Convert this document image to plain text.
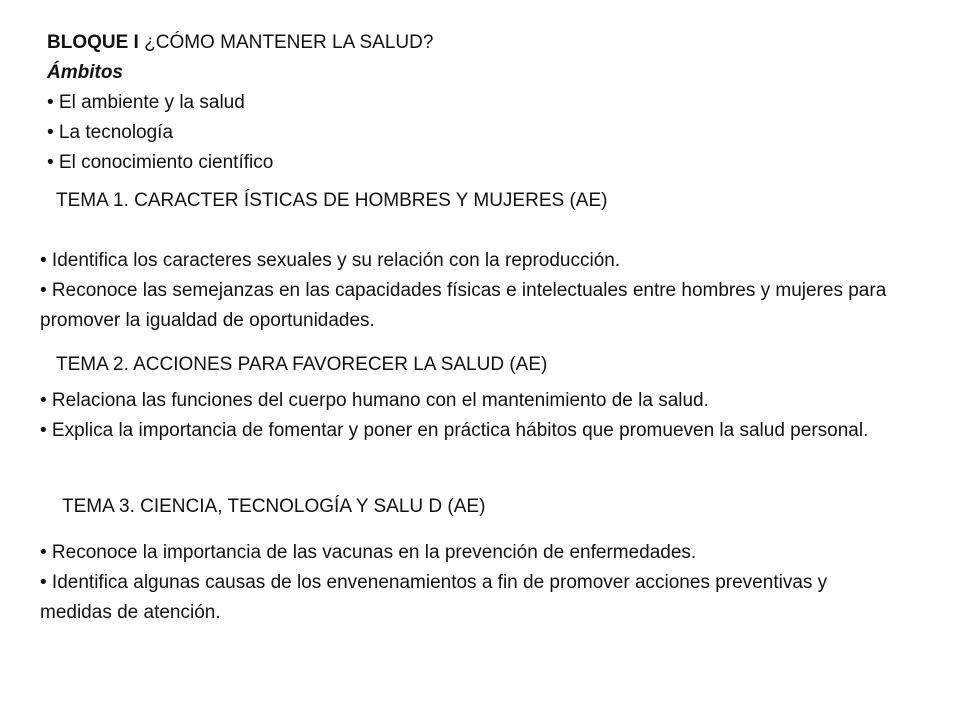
BLOQUE I ¿CÓMO MANTENER LA SALUD?
Ámbitos
• El ambiente y la salud
• La tecnología
• El conocimiento científico
TEMA 1. CARACTER ÍSTICAS DE HOMBRES Y MUJERES (AE)
• Identifica los caracteres sexuales y su relación con la reproducción.
• Reconoce las semejanzas en las capacidades físicas e intelectuales entre hombres y mujeres para promover la igualdad de oportunidades.
TEMA 2. ACCIONES PARA FAVORECER LA SALUD (AE)
• Relaciona las funciones del cuerpo humano con el mantenimiento de la salud.
• Explica la importancia de fomentar y poner en práctica hábitos que promueven la salud personal.
TEMA 3. CIENCIA, TECNOLOGÍA Y SALU D (AE)
• Reconoce la importancia de las vacunas en la prevención de enfermedades.
• Identifica algunas causas de los envenenamientos a fin de promover acciones preventivas y medidas de atención.
